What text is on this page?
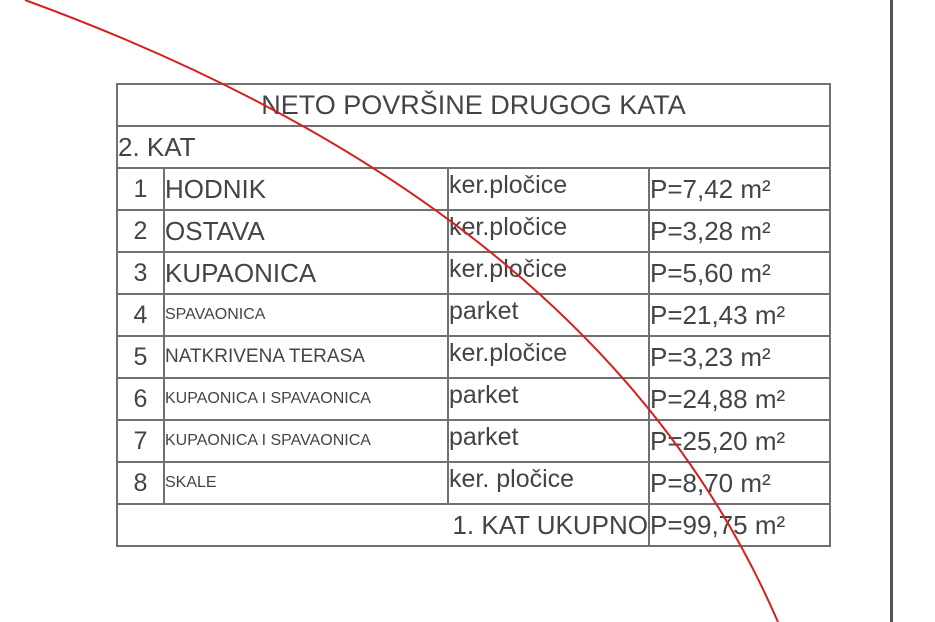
NETO POVRŠINE DRUGOG KATA			
2. KAT			
1	HODNIK	ker.pločice	P=7,42 m²
2	OSTAVA	ker.pločice	P=3,28 m²
3	KUPAONICA	ker.pločice	P=5,60 m²
4	SPAVAONICA	parket	P=21,43 m²
5	NATKRIVENA TERASA	ker.pločice	P=3,23 m²
6	KUPAONICA I SPAVAONICA	parket	P=24,88 m²
7	KUPAONICA I SPAVAONICA	parket	P=25,20 m²
8	SKALE	ker. pločice	P=8,70 m²
1. KAT UKUPNO			P=99,75 m²
